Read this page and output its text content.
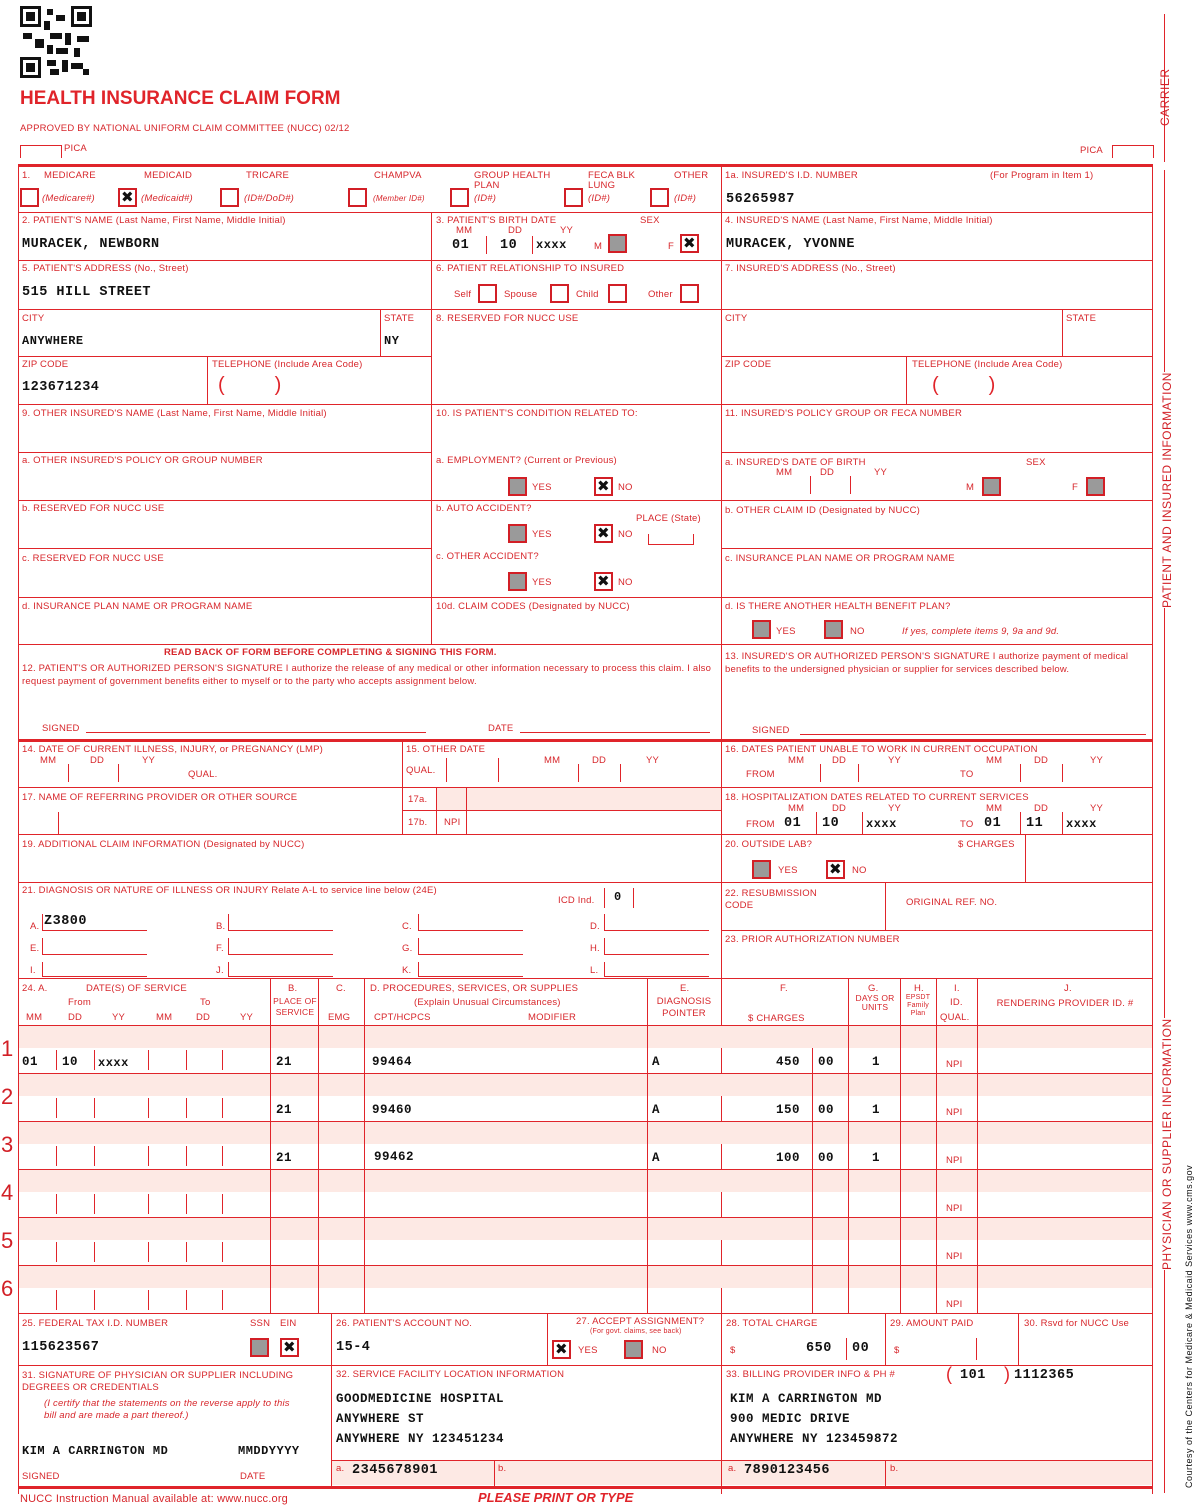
HEALTH INSURANCE CLAIM FORM
APPROVED BY NATIONAL UNIFORM CLAIM COMMITTEE (NUCC) 02/12
PICA	PICA
CARRIER
PATIENT AND INSURED INFORMATION
PHYSICIAN OR SUPPLIER INFORMATION
Courtesy of the Centers for Medicare & Medicaid Services www.cms.gov
1. MEDICARE	MEDICAID	TRICARE	CHAMPVA	GROUP HEALTH PLAN
FECA BLK LUNG
OTHER
(Medicare#) ✖	(Medicaid#)	(ID#/DoD#)	(Member ID#)	(ID#)	(ID#)	(ID#)
1a. INSURED'S I.D. NUMBER	(For Program in Item 1)
56265987
2. PATIENT'S NAME (Last Name, First Name, Middle Initial)
MURACEK, NEWBORN
3. PATIENT'S BIRTH DATE	SEX
MM	DD	YY
01 10 xxxx	M	F
✖
4. INSURED'S NAME (Last Name, First Name, Middle Initial)
MURACEK, YVONNE
5. PATIENT'S ADDRESS (No., Street)
515 HILL STREET
6. PATIENT RELATIONSHIP TO INSURED
Self	Spouse	Child	Other
7. INSURED'S ADDRESS (No., Street)
CITY
ANYWHERE
STATE
NY
8. RESERVED FOR NUCC USE	CITY	STATE
ZIP CODE
123671234
TELEPHONE (Include Area Code)
(         )
ZIP CODE	TELEPHONE (Include Area Code)
(         )
9. OTHER INSURED'S NAME (Last Name, First Name, Middle Initial)	10. IS PATIENT'S CONDITION RELATED TO:	11. INSURED'S POLICY GROUP OR FECA NUMBER
a. OTHER INSURED'S POLICY OR GROUP NUMBER	a. EMPLOYMENT? (Current or Previous)
YES ✖	NO
a. INSURED'S DATE OF BIRTH	SEX
MM	DD	YY
M	F
b. RESERVED FOR NUCC USE	b. AUTO ACCIDENT?
PLACE (State)
YES ✖	NO
b. OTHER CLAIM ID (Designated by NUCC)
c. RESERVED FOR NUCC USE	c. OTHER ACCIDENT?
YES ✖	NO
c. INSURANCE PLAN NAME OR PROGRAM NAME
d. INSURANCE PLAN NAME OR PROGRAM NAME	10d. CLAIM CODES (Designated by NUCC)	d. IS THERE ANOTHER HEALTH BENEFIT PLAN?
YES	NO	If yes, complete items 9, 9a and 9d.
READ BACK OF FORM BEFORE COMPLETING & SIGNING THIS FORM.
12. PATIENT'S OR AUTHORIZED PERSON'S SIGNATURE I authorize the release of any medical or other information necessary to process this claim. I also request payment of government benefits either to myself or to the party who accepts assignment below.
SIGNED	DATE
13. INSURED'S OR AUTHORIZED PERSON'S SIGNATURE I authorize payment of medical benefits to the undersigned physician or supplier for services described below.
SIGNED
14. DATE OF CURRENT ILLNESS, INJURY, or PREGNANCY (LMP)
MM	DD	YY
QUAL.
15. OTHER DATE
QUAL.
MM	DD	YY
16. DATES PATIENT UNABLE TO WORK IN CURRENT OCCUPATION
FROM	TO
MM	DD	YY	MM	DD	YY
17. NAME OF REFERRING PROVIDER OR OTHER SOURCE	17a.
17b. NPI
18. HOSPITALIZATION DATES RELATED TO CURRENT SERVICES
MM	DD	YY	MM	DD	YY
FROM 01 10 xxxx	TO 01 11 xxxx
19. ADDITIONAL CLAIM INFORMATION (Designated by NUCC)	20. OUTSIDE LAB?	$ CHARGES
YES ✖	NO
21. DIAGNOSIS OR NATURE OF ILLNESS OR INJURY Relate A-L to service line below (24E)
ICD Ind. 0
A. Z3800	B.	C.	D.
E.	F.	G.	H.
I.	J.	K.	L.
22. RESUBMISSION CODE	ORIGINAL REF. NO.
23. PRIOR AUTHORIZATION NUMBER
24. A.	DATE(S) OF SERVICE
From	To
MM	DD	YY	MM	DD	YY
B.
PLACE OF SERVICE
C.
EMG
D. PROCEDURES, SERVICES, OR SUPPLIES
(Explain Unusual Circumstances)
CPT/HCPCS	MODIFIER
E.
DIAGNOSIS POINTER
F.
$ CHARGES
G.
DAYS OR UNITS
H.
EPSDT Family Plan
I.
ID.
QUAL.
J.
RENDERING PROVIDER ID. #
1
2
3
4
5
6
01 10 xxxx	21	99464	A	450 00	1	NPI
21	99460	A	150 00	1	NPI
21	99462	A	100 00	1	NPI
NPI
NPI
NPI
25. FEDERAL TAX I.D. NUMBER	SSN EIN
115623567
✖
26. PATIENT'S ACCOUNT NO.
15-4
27. ACCEPT ASSIGNMENT?
(For govt. claims, see back)
✖
YES	NO
28. TOTAL CHARGE
$	650 00
29. AMOUNT PAID
$
30. Rsvd for NUCC Use
31. SIGNATURE OF PHYSICIAN OR SUPPLIER INCLUDING DEGREES OR CREDENTIALS
(I certify that the statements on the reverse apply to this bill and are made a part thereof.)
KIM A CARRINGTON MD	MMDDYYYY
SIGNED	DATE
32. SERVICE FACILITY LOCATION INFORMATION
GOODMEDICINE HOSPITAL
ANYWHERE ST
ANYWHERE NY 123451234
a. 2345678901	b.
33. BILLING PROVIDER INFO & PH #	( 101 ) 1112365
KIM A CARRINGTON MD
900 MEDIC DRIVE
ANYWHERE NY 123459872
a. 7890123456	b.
NUCC Instruction Manual available at: www.nucc.org	PLEASE PRINT OR TYPE
